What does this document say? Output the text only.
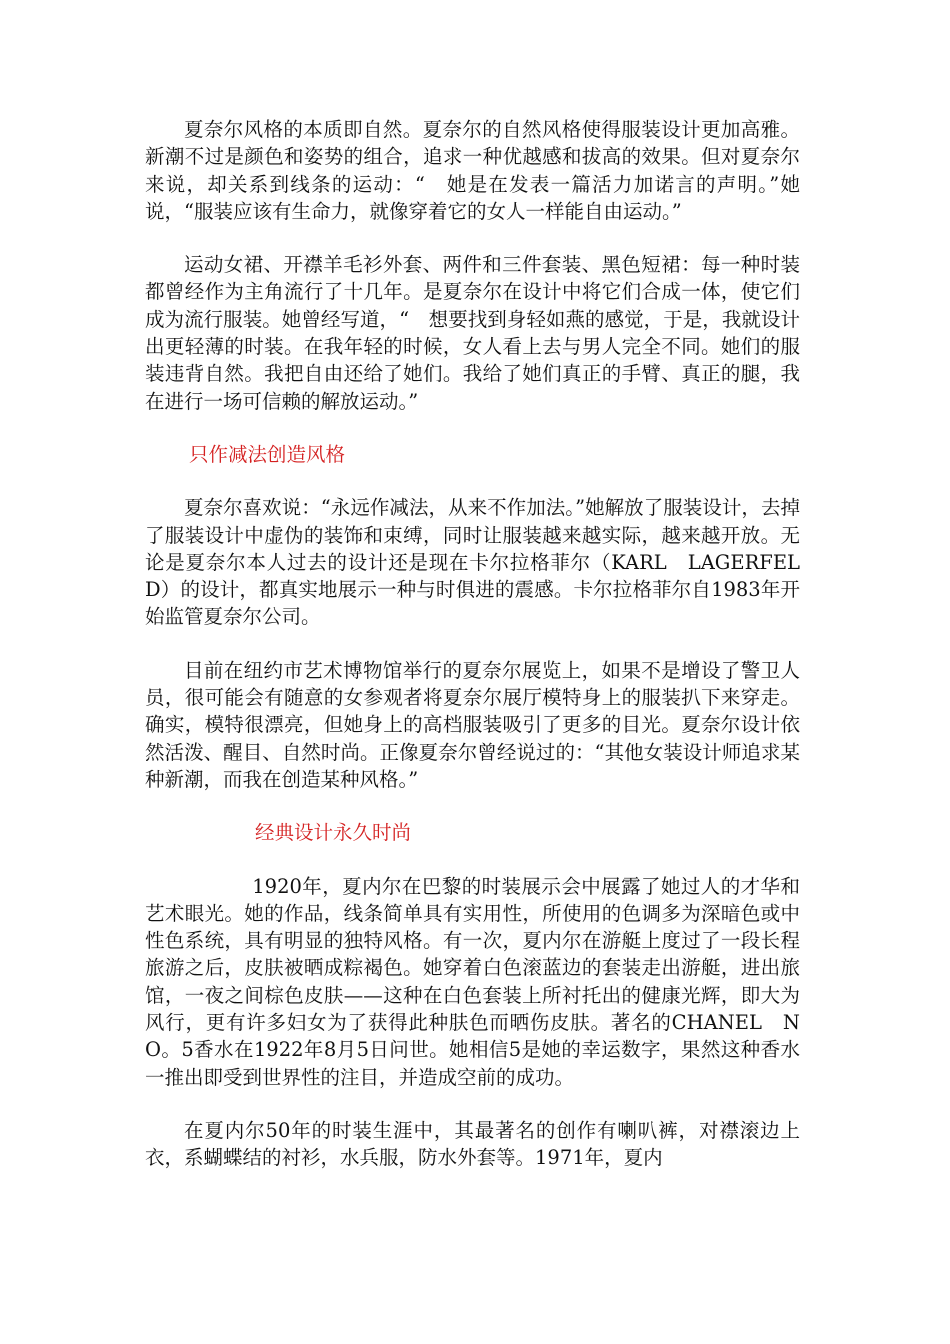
夏奈尔风格的本质即自然。夏奈尔的自然风格使得服装设计更加高雅。新潮不过是颜色和姿势的组合，追求一种优越感和拔高的效果。但对夏奈尔来说，却关系到线条的运动：“　她是在发表一篇活力加诺言的声明。”她说，“服装应该有生命力，就像穿着它的女人一样能自由运动。”

运动女裙、开襟羊毛衫外套、两件和三件套装、黑色短裙：每一种时装都曾经作为主角流行了十几年。是夏奈尔在设计中将它们合成一体，使它们成为流行服装。她曾经写道，“　想要找到身轻如燕的感觉，于是，我就设计出更轻薄的时装。在我年轻的时候，女人看上去与男人完全不同。她们的服装违背自然。我把自由还给了她们。我给了她们真正的手臂、真正的腿，我在进行一场可信赖的解放运动。”

只作减法创造风格

夏奈尔喜欢说：“永远作减法，从来不作加法。”她解放了服装设计，去掉了服装设计中虚伪的装饰和束缚，同时让服装越来越实际，越来越开放。无论是夏奈尔本人过去的设计还是现在卡尔拉格菲尔（KARL　LAGERFELD）的设计，都真实地展示一种与时俱进的震感。卡尔拉格菲尔自1983年开始监管夏奈尔公司。

目前在纽约市艺术博物馆举行的夏奈尔展览上，如果不是增设了警卫人员，很可能会有随意的女参观者将夏奈尔展厅模特身上的服装扒下来穿走。确实，模特很漂亮，但她身上的高档服装吸引了更多的目光。夏奈尔设计依然活泼、醒目、自然时尚。正像夏奈尔曾经说过的：“其他女装设计师追求某种新潮，而我在创造某种风格。”

经典设计永久时尚

1920年，夏内尔在巴黎的时装展示会中展露了她过人的才华和艺术眼光。她的作品，线条简单具有实用性，所使用的色调多为深暗色或中性色系统，具有明显的独特风格。有一次，夏内尔在游艇上度过了一段长程旅游之后，皮肤被晒成粽褐色。她穿着白色滚蓝边的套装走出游艇，进出旅馆，一夜之间棕色皮肤——这种在白色套装上所衬托出的健康光辉，即大为风行，更有许多妇女为了获得此种肤色而晒伤皮肤。著名的CHANEL　NO。5香水在1922年8月5日问世。她相信5是她的幸运数字，果然这种香水一推出即受到世界性的注目，并造成空前的成功。

在夏内尔50年的时装生涯中，其最著名的创作有喇叭裤，对襟滚边上衣，系蝴蝶结的衬衫，水兵服，防水外套等。1971年，夏内
